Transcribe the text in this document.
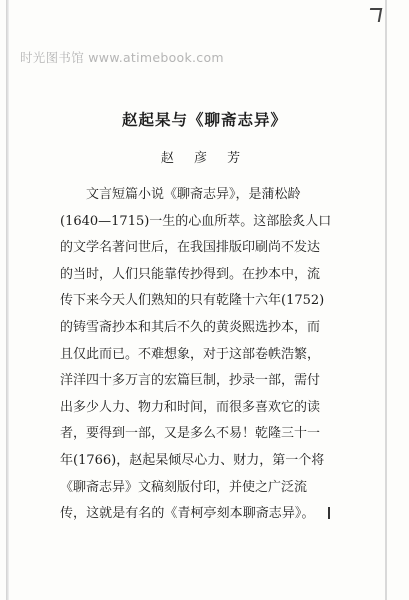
时光图书馆 www.atimebook.com
赵起杲与《聊斋志异》
赵 彦 芳
文言短篇小说《聊斋志异》，是蒲松龄
(1640—1715)一生的心血所萃。这部脍炙人口
的文学名著问世后，在我国排版印刷尚不发达
的当时，人们只能靠传抄得到。在抄本中，流
传下来今天人们熟知的只有乾隆十六年(1752)
的铸雪斋抄本和其后不久的黄炎熙选抄本，而
且仅此而已。不难想象，对于这部卷帙浩繁，
洋洋四十多万言的宏篇巨制，抄录一部，需付
出多少人力、物力和时间，而很多喜欢它的读
者，要得到一部，又是多么不易！乾隆三十一
年(1766)，赵起杲倾尽心力、财力，第一个将
《聊斋志异》文稿刻版付印，并使之广泛流
传，这就是有名的《青柯亭刻本聊斋志异》。
